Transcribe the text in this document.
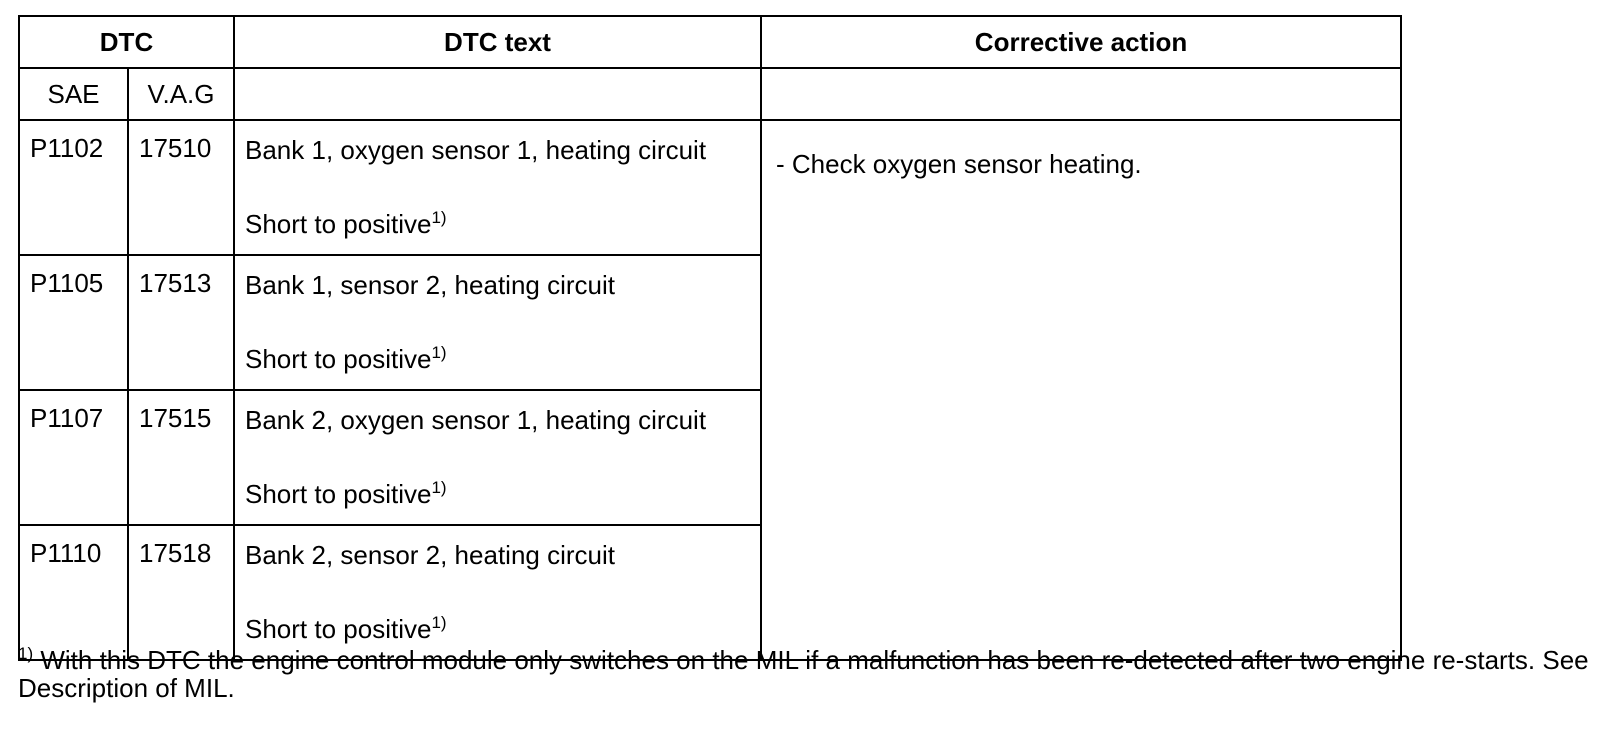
DTC		DTC text	Corrective action
SAE	V.A.G		
P1102	17510	Bank 1, oxygen sensor 1, heating circuit
Short to positive$^{1)}$	- Check oxygen sensor heating.
P1105	17513	Bank 1, sensor 2, heating circuit
Short to positive$^{1)}$

P1107	17515	Bank 2, oxygen sensor 1, heating circuit
Short to positive$^{1)}$

P1110	17518	Bank 2, sensor 2, heating circuit
Short to positive$^{1)}$
$^{1)}$ With this DTC the engine control module only switches on the MIL if a malfunction has been re-detected after two engine re-starts. See Description of MIL.
